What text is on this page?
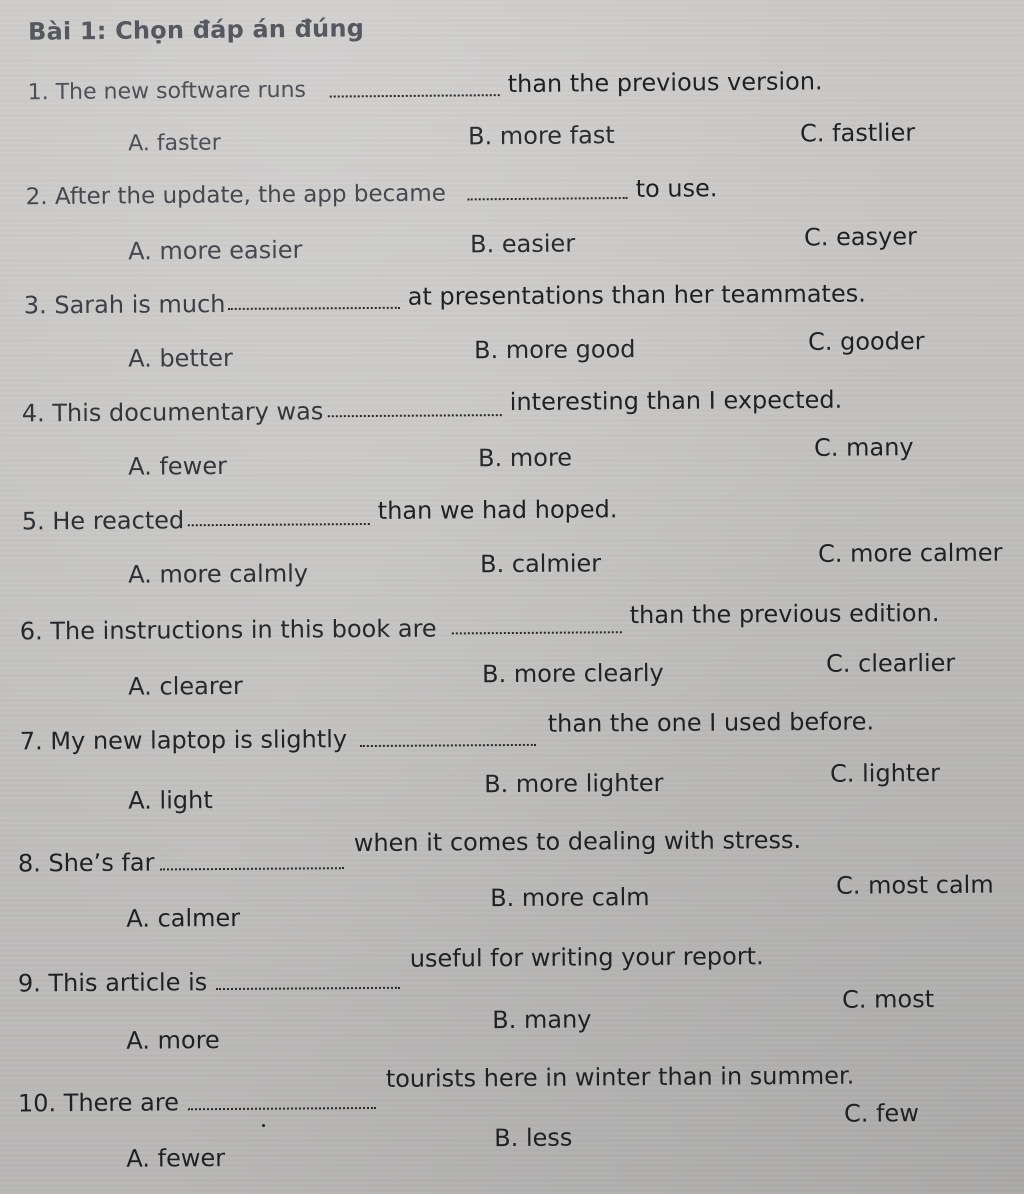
Bài 1: Chọn đáp án đúng
1. The new software runs	than the previous version.
A. faster	B. more fast	C. fastlier
2. After the update, the app became	to use.
A. more easier	B. easier	C. easyer
3. Sarah is much	at presentations than her teammates.
A. better	B. more good	C. gooder
4. This documentary was	interesting than I expected.
A. fewer	B. more	C. many
5. He reacted	than we had hoped.
A. more calmly	B. calmier	C. more calmer
6. The instructions in this book are
than the previous edition.
A. clearer	B. more clearly	C. clearlier
7. My new laptop is slightly
than the one I used before.
A. light
B. more lighter	C. lighter
8. She’s far
when it comes to dealing with stress.
A. calmer
B. more calm	C. most calm
9. This article is
useful for writing your report.
A. more
B. many
C. most
10. There are
tourists here in winter than in summer.
A. fewer
B. less
C. few
